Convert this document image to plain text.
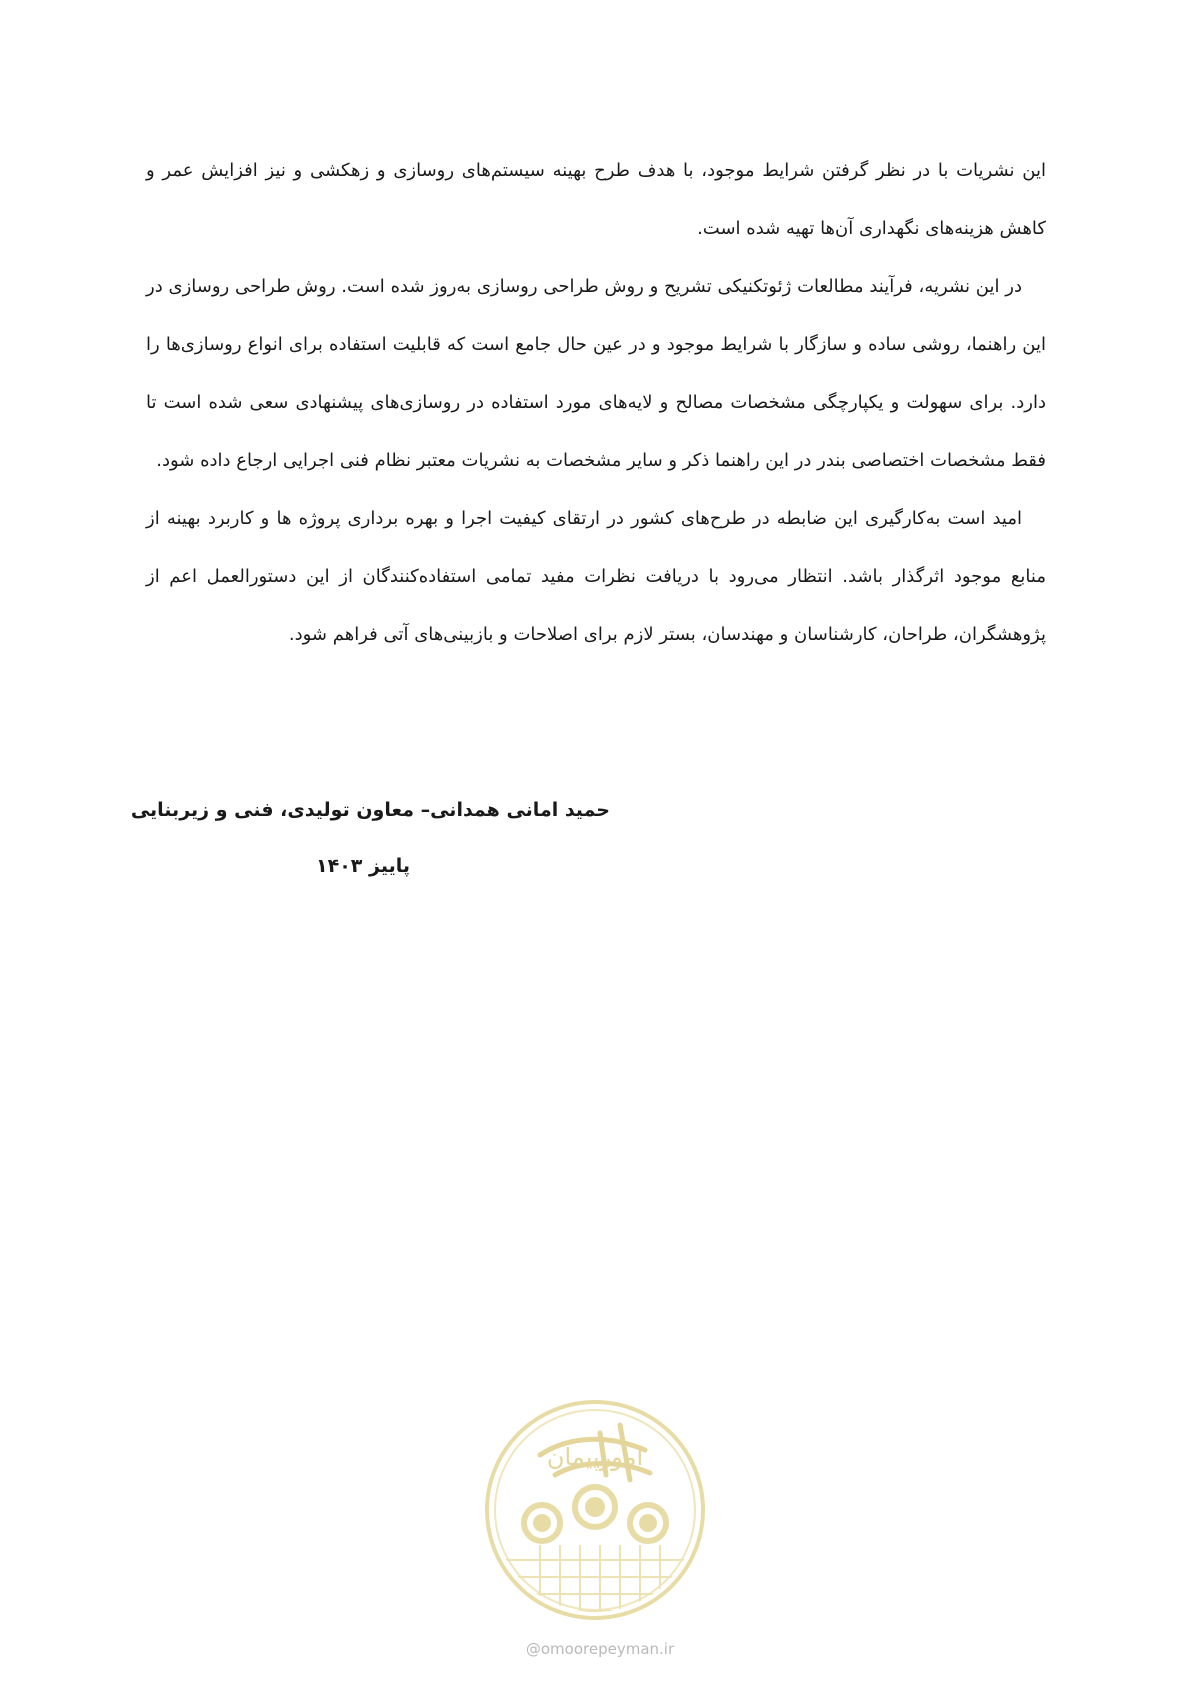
این نشریات با در نظر گرفتن شرایط موجود، با هدف طرح بهینه سیستم‌های روسازی و زهکشی و نیز افزایش عمر و کاهش هزینه‌های نگهداری آن‌ها تهیه شده است.

در این نشریه، فرآیند مطالعات ژئوتکنیکی تشریح و روش طراحی روسازی به‌روز شده است. روش طراحی روسازی در این راهنما، روشی ساده و سازگار با شرایط موجود و در عین حال جامع است که قابلیت استفاده برای انواع روسازی‌ها را دارد. برای سهولت و یکپارچگی مشخصات مصالح و لایه‌های مورد استفاده در روسازی‌های پیشنهادی سعی شده است تا فقط مشخصات اختصاصی بندر در این راهنما ذکر و سایر مشخصات به نشریات معتبر نظام فنی اجرایی ارجاع داده شود.

امید است به‌کارگیری این ضابطه در طرح‌های کشور در ارتقای کیفیت اجرا و بهره برداری پروژه ها و کاربرد بهینه از منابع موجود اثرگذار باشد. انتظار می‌رود با دریافت نظرات مفید تمامی استفاده‌کنندگان از این دستورالعمل اعم از پژوهشگران، طراحان، کارشناسان و مهندسان، بستر لازم برای اصلاحات و بازبینی‌های آتی فراهم شود.

حمید امانی همدانی– معاون تولیدی، فنی و زیربنایی
پاییز ۱۴۰۳
امورپیمان
@omoorepeyman.ir
